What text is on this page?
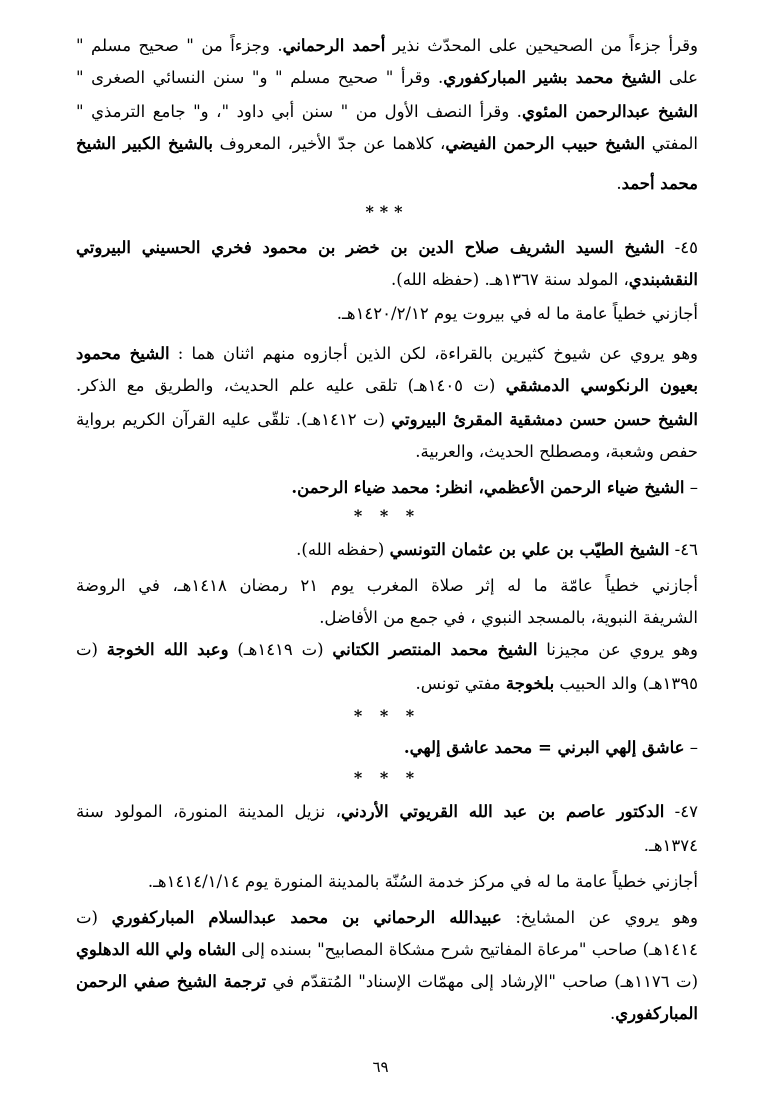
وقرأ جزءاً من الصحيحين على المحدّث نذير أحمد الرحماني. وجزءاً من " صحيح مسلم "
على الشيخ محمد بشير المباركفوري. وقرأ " صحيح مسلم " و" سنن النسائي الصغرى "
الشيخ عبدالرحمن المئوي. وقرأ النصف الأول من " سنن أبي داود "، و" جامع الترمذي "
المفتي الشيخ حبيب الرحمن الفيضي، كلاهما عن جدّ الأخير، المعروف بالشيخ الكبير الشيخ
محمد أحمد.
٤٥- الشيخ السيد الشريف صلاح الدين بن خضر بن محمود فخري الحسيني البيروتي
النقشبندي، المولد سنة ١٣٦٧هـ. (حفظه الله).
أجازني خطياً عامة ما له في بيروت يوم ١٤٢٠/٢/١٢هـ.
وهو يروي عن شيوخ كثيرين بالقراءة، لكن الذين أجازوه منهم اثنان هما : الشيخ محمود
بعيون الرنكوسي الدمشقي (ت ١٤٠٥هـ) تلقى عليه علم الحديث، والطريق مع الذكر.
الشيخ حسن حسن دمشقية المقرئ البيروتي (ت ١٤١٢هـ). تلقّى عليه القرآن الكريم برواية
حفص وشعبة، ومصطلح الحديث، والعربية.
– الشيخ ضياء الرحمن الأعظمي، انظر: محمد ضياء الرحمن.
٤٦- الشيخ الطيّب بن علي بن عثمان التونسي (حفظه الله).
أجازني خطياً عامّة ما له إثر صلاة المغرب يوم ٢١ رمضان ١٤١٨هـ، في الروضة
الشريفة النبوية، بالمسجد النبوي ، في جمع من الأفاضل.
وهو يروي عن مجيزنا الشيخ محمد المنتصر الكتاني (ت ١٤١٩هـ) وعبد الله الخوجة (ت
١٣٩٥هـ) والد الحبيب بلخوجة مفتي تونس.
– عاشق إلهي البرني = محمد عاشق إلهي.
٤٧- الدكتور عاصم بن عبد الله القريوتي الأردني، نزيل المدينة المنورة، المولود سنة
١٣٧٤هـ.
أجازني خطياً عامة ما له في مركز خدمة السُنّة بالمدينة المنورة يوم ١٤١٤/١/١٤هـ.
وهو يروي عن المشايخ: عبيدالله الرحماني بن محمد عبدالسلام المباركفوري (ت
١٤١٤هـ) صاحب "مرعاة المفاتيح شرح مشكاة المصابيح" بسنده إلى الشاه ولي الله الدهلوي
(ت ١١٧٦هـ) صاحب "الإرشاد إلى مهمّات الإسناد" المُتقدّم في ترجمة الشيخ صفي الرحمن
المباركفوري.
***
* * *
* * *
* * *
٦٩
